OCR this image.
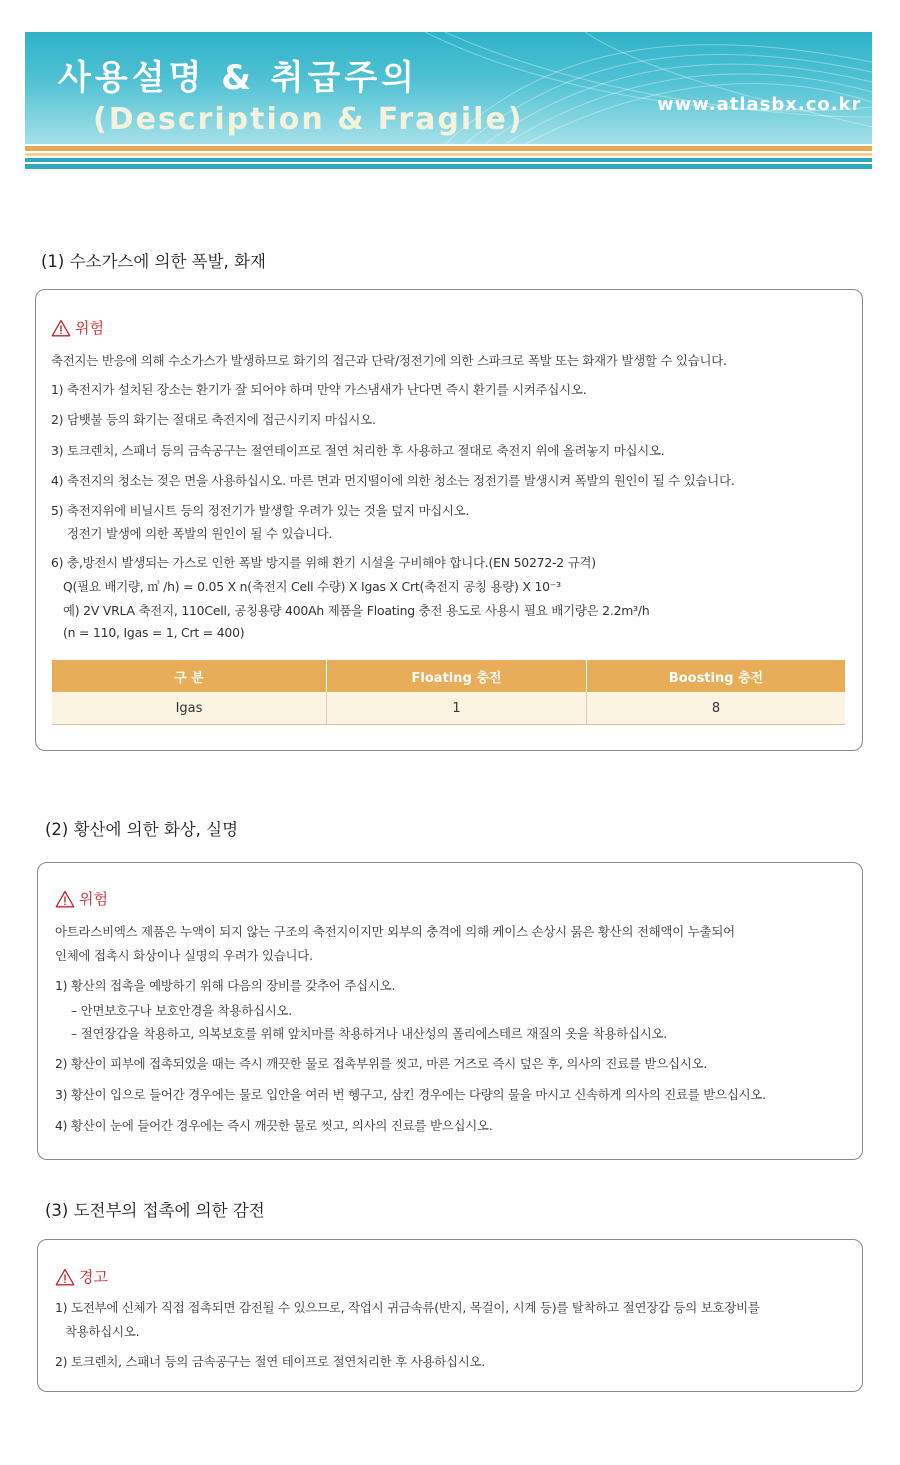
사용설명 & 취급주의
(Description & Fragile)	www.atlasbx.co.kr
(1) 수소가스에 의한 폭발, 화재
위험
축전지는 반응에 의해 수소가스가 발생하므로 화기의 접근과 단락/정전기에 의한 스파크로 폭발 또는 화재가 발생할 수 있습니다.
1) 축전지가 설치된 장소는 환기가 잘 되어야 하며 만약 가스냄새가 난다면 즉시 환기를 시켜주십시오.
2) 담뱃불 등의 화기는 절대로 축전지에 접근시키지 마십시오.
3) 토크렌치, 스패너 등의 금속공구는 절연테이프로 절연 처리한 후 사용하고 절대로 축전지 위에 올려놓지 마십시오.
4) 축전지의 청소는 젖은 면을 사용하십시오. 마른 면과 먼지떨이에 의한 청소는 정전기를 발생시켜 폭발의 원인이 될 수 있습니다.
5) 축전지위에 비닐시트 등의 정전기가 발생할 우려가 있는 것을 덮지 마십시오.
정전기 발생에 의한 폭발의 원인이 될 수 있습니다.
6) 충,방전시 발생되는 가스로 인한 폭발 방지를 위해 환기 시설을 구비해야 합니다.(EN 50272-2 규격)
Q(필요 배기량, ㎥ /h) = 0.05 X n(축전지 Cell 수량) X Igas X Crt(축전지 공칭 용량) X 10⁻³
예) 2V VRLA 축전지, 110Cell, 공칭용량 400Ah 제품을 Floating 충전 용도로 사용시 필요 배기량은 2.2m³/h
(n = 110, Igas = 1, Crt = 400)
구 분	Floating 충전	Boosting 충전
Igas	1	8
(2) 황산에 의한 화상, 실명
위험
아트라스비엑스 제품은 누액이 되지 않는 구조의 축전지이지만 외부의 충격에 의해 케이스 손상시 묽은 황산의 전해액이 누출되어
인체에 접촉시 화상이나 실명의 우려가 있습니다.
1) 황산의 접촉을 예방하기 위해 다음의 장비를 갖추어 주십시오.
– 안면보호구나 보호안경을 착용하십시오.
– 절연장갑을 착용하고, 의복보호를 위해 앞치마를 착용하거나 내산성의 폴리에스테르 재질의 옷을 착용하십시오.
2) 황산이 피부에 접촉되었을 때는 즉시 깨끗한 물로 접촉부위를 씻고, 마른 거즈로 즉시 덮은 후, 의사의 진료를 받으십시오.
3) 황산이 입으로 들어간 경우에는 물로 입안을 여러 번 헹구고, 삼킨 경우에는 다량의 물을 마시고 신속하게 의사의 진료를 받으십시오.
4) 황산이 눈에 들어간 경우에는 즉시 깨끗한 물로 씻고, 의사의 진료를 받으십시오.
(3) 도전부의 접촉에 의한 감전
경고
1) 도전부에 신체가 직접 접촉되면 감전될 수 있으므로, 작업시 귀금속류(반지, 목걸이, 시계 등)를 탈착하고 절연장갑 등의 보호장비를
착용하십시오.
2) 토크렌치, 스패너 등의 금속공구는 절연 테이프로 절연처리한 후 사용하십시오.
